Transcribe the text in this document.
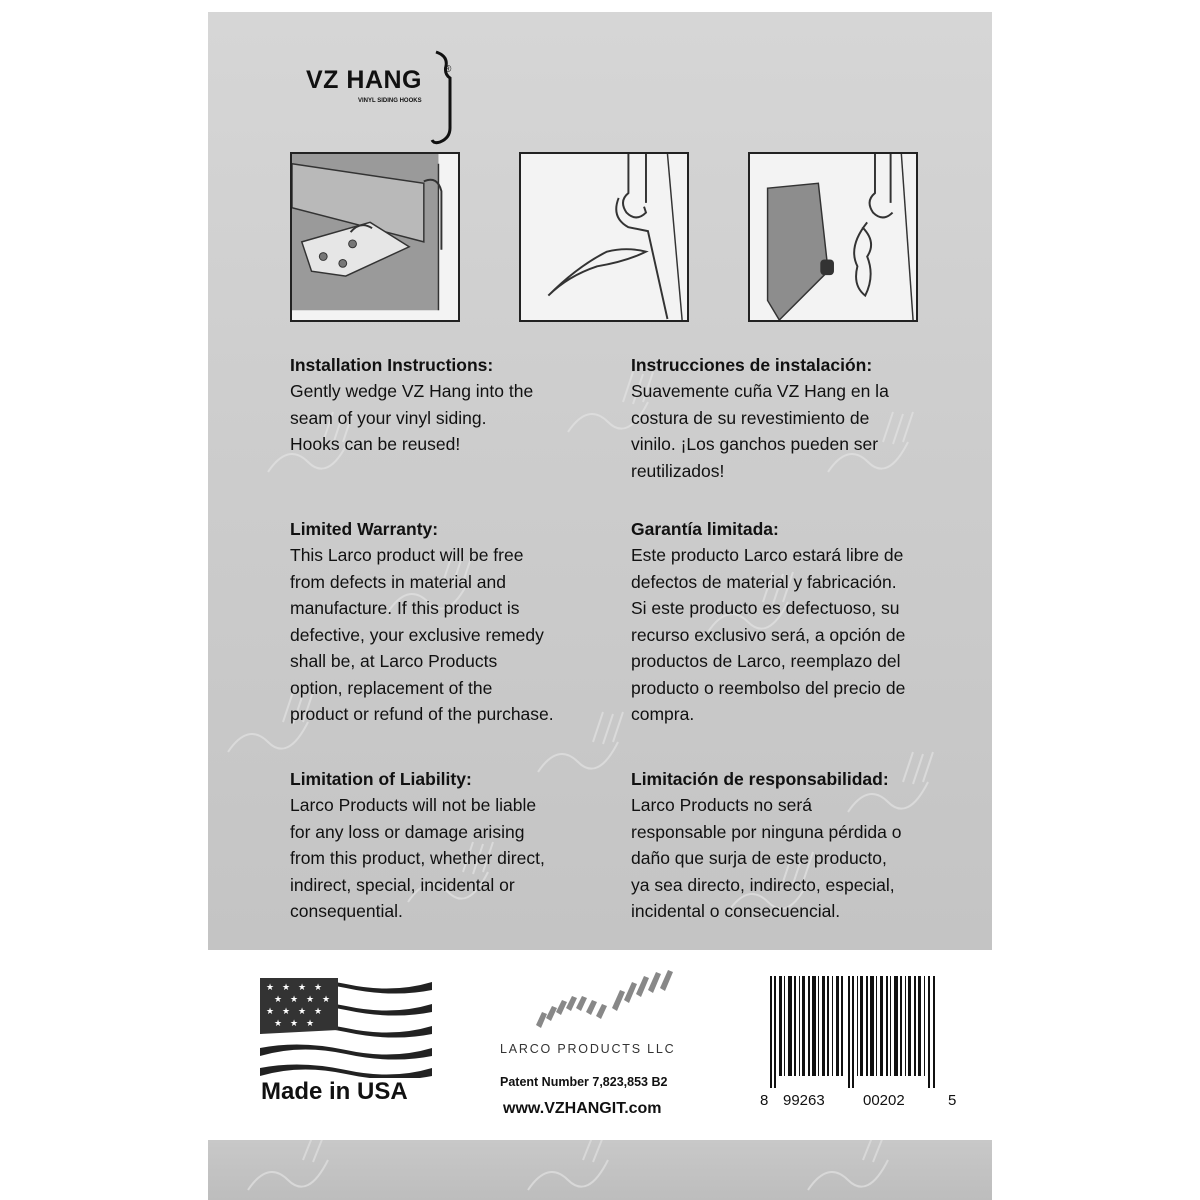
VZ HANG ®
VINYL SIDING HOOKS
Installation Instructions:

Gently wedge VZ Hang into the

seam of your vinyl siding.

Hooks can be reused!

Limited Warranty:

This Larco product will be free

from defects in material and

manufacture. If this product is

defective, your exclusive remedy

shall be, at Larco Products

option, replacement of the

product or refund of the purchase.

Limitation of Liability:

Larco Products will not be liable

for any loss or damage arising

from this product, whether direct,

indirect, special, incidental or

consequential.

Instrucciones de instalación:

Suavemente cuña VZ Hang en la

costura de su revestimiento de

vinilo. ¡Los ganchos pueden ser

reutilizados!

Garantía limitada:

Este producto Larco estará libre de

defectos de material y fabricación.

Si este producto es defectuoso, su

recurso exclusivo será, a opción de

productos de Larco, reemplazo del

producto o reembolso del precio de

compra.

Limitación de responsabilidad:

Larco Products no será

responsable por ninguna pérdida o

daño que surja de este producto,

ya sea directo, indirecto, especial,

incidental o consecuencial.

★ ★ ★ ★
★ ★ ★ ★
★ ★ ★ ★
★ ★ ★
Made in USA
LARCO PRODUCTS LLC
Patent Number 7,823,853 B2
www.VZHANGIT.com	8 99263	00202	5
